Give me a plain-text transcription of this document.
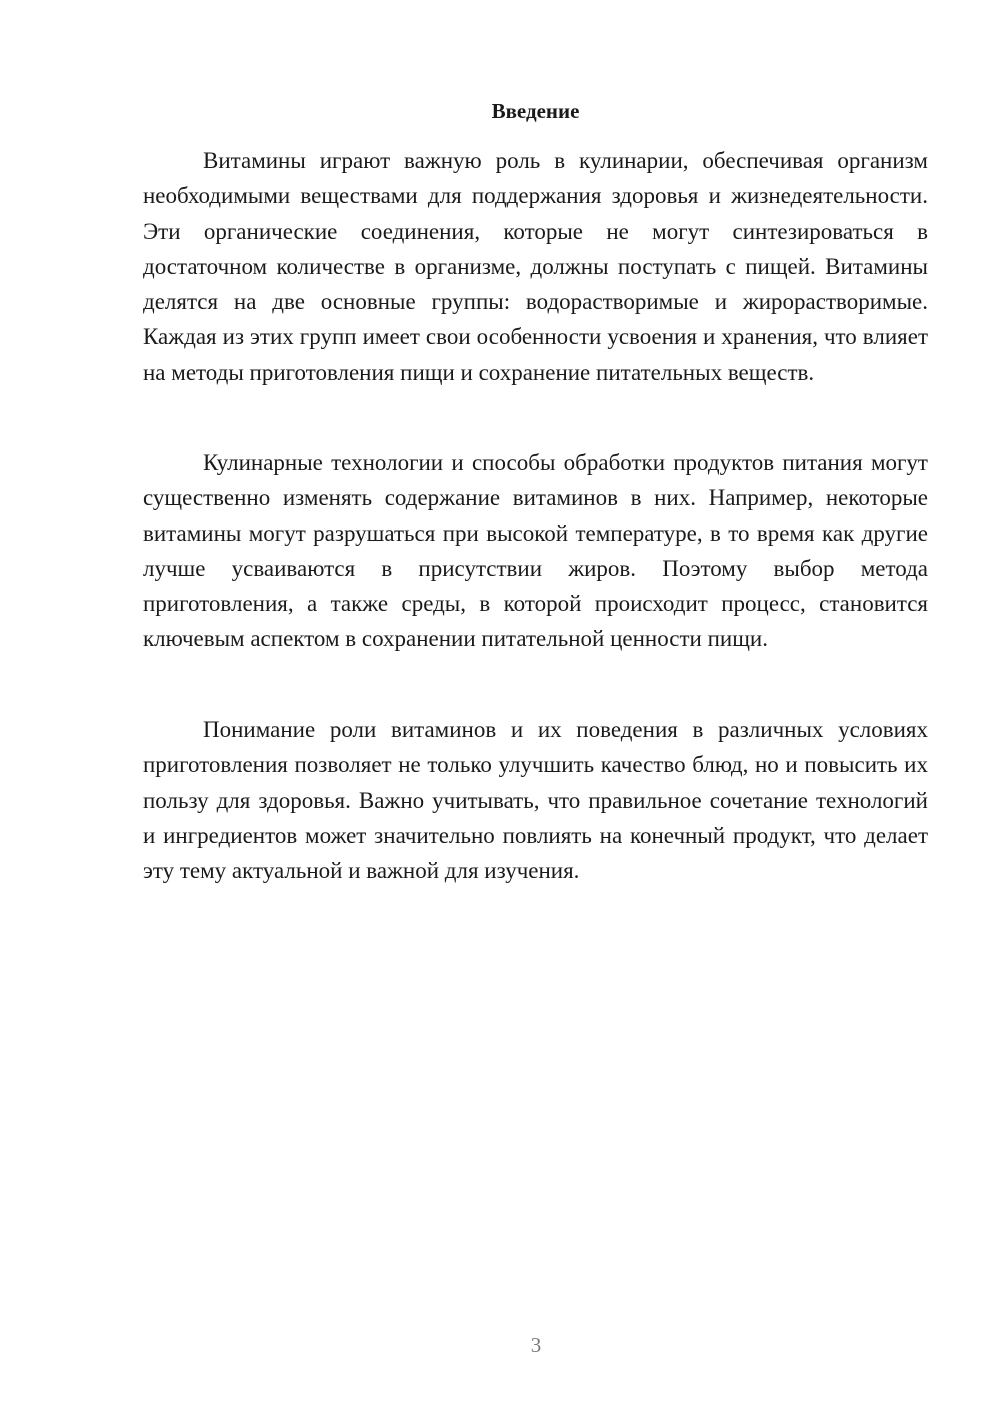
Введение

Витамины играют важную роль в кулинарии, обеспечивая организм необходимыми веществами для поддержания здоровья и жизнедеятельности. Эти органические соединения, которые не могут синтезироваться в достаточном количестве в организме, должны поступать с пищей. Витамины делятся на две основные группы: водорастворимые и жирорастворимые. Каждая из этих групп имеет свои особенности усвоения и хранения, что влияет на методы приготовления пищи и сохранение питательных веществ.

Кулинарные технологии и способы обработки продуктов питания могут существенно изменять содержание витаминов в них. Например, некоторые витамины могут разрушаться при высокой температуре, в то время как другие лучше усваиваются в присутствии жиров. Поэтому выбор метода приготовления, а также среды, в которой происходит процесс, становится ключевым аспектом в сохранении питательной ценности пищи.

Понимание роли витаминов и их поведения в различных условиях приготовления позволяет не только улучшить качество блюд, но и повысить их пользу для здоровья. Важно учитывать, что правильное сочетание технологий и ингредиентов может значительно повлиять на конечный продукт, что делает эту тему актуальной и важной для изучения.

3
